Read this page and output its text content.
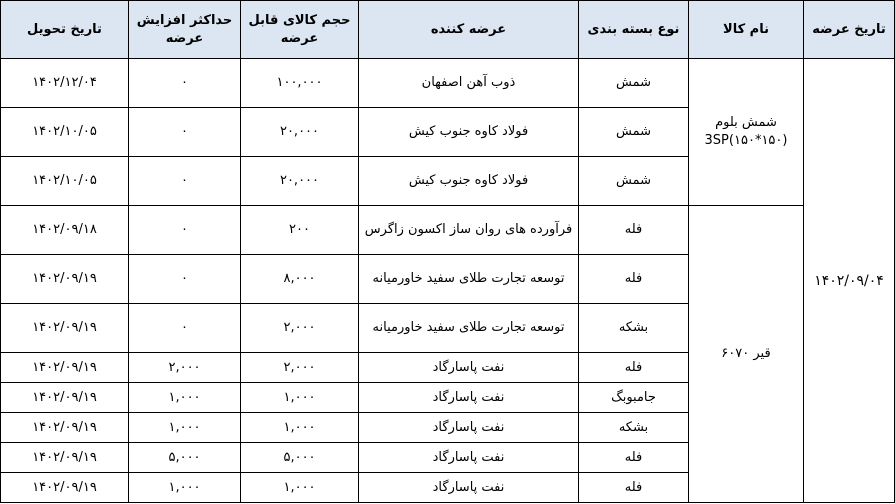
تاریخ عرضه	نام کالا	نوع بسته بندی	عرضه کننده	حجم کالای قابل عرضه	حداکثر افزایش عرضه	تاریخ تحویل
۱۴۰۲/۰۹/۰۴	شمش بلوم (۱۵۰*۱۵۰)3SP	شمش	ذوب آهن اصفهان	۱۰۰,۰۰۰	۰	۱۴۰۲/۱۲/۰۴
		شمش	فولاد کاوه جنوب کیش	۲۰,۰۰۰	۰	۱۴۰۲/۱۰/۰۵
		شمش	فولاد کاوه جنوب کیش	۲۰,۰۰۰	۰	۱۴۰۲/۱۰/۰۵
	قیر ۶۰۷۰	فله	فرآورده های روان ساز اکسون زاگرس	۲۰۰	۰	۱۴۰۲/۰۹/۱۸
		فله	توسعه تجارت طلای سفید خاورمیانه	۸,۰۰۰	۰	۱۴۰۲/۰۹/۱۹
		بشکه	توسعه تجارت طلای سفید خاورمیانه	۲,۰۰۰	۰	۱۴۰۲/۰۹/۱۹
		فله	نفت پاسارگاد	۲,۰۰۰	۲,۰۰۰	۱۴۰۲/۰۹/۱۹
		جامبوبگ	نفت پاسارگاد	۱,۰۰۰	۱,۰۰۰	۱۴۰۲/۰۹/۱۹
		بشکه	نفت پاسارگاد	۱,۰۰۰	۱,۰۰۰	۱۴۰۲/۰۹/۱۹
		فله	نفت پاسارگاد	۵,۰۰۰	۵,۰۰۰	۱۴۰۲/۰۹/۱۹
		فله	نفت پاسارگاد	۱,۰۰۰	۱,۰۰۰	۱۴۰۲/۰۹/۱۹
